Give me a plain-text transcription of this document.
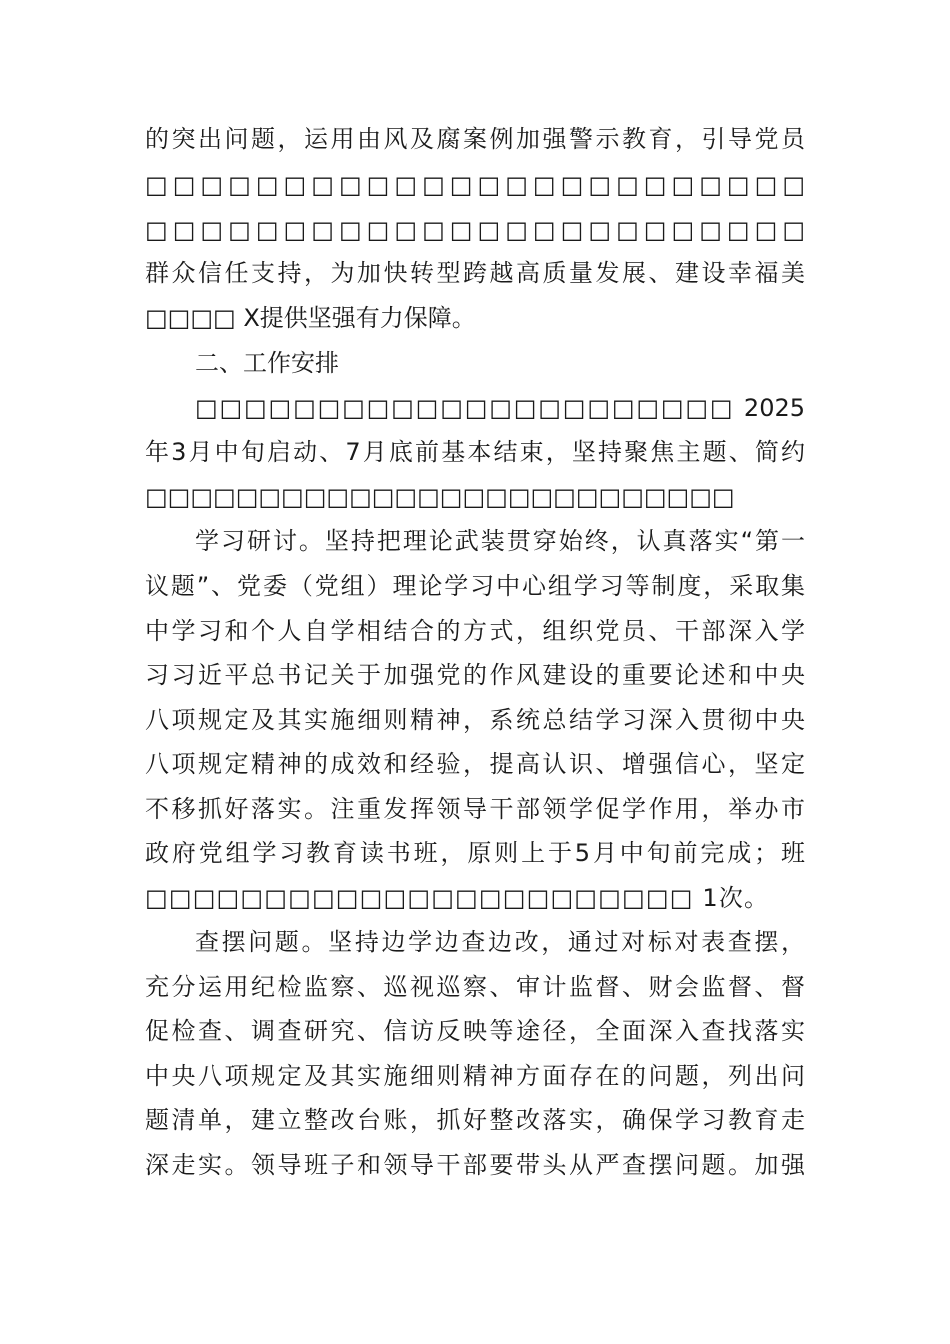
的突出问题，运用由风及腐案例加强警示教育，引导党员
□□□□□□□□□□□□□□□□□□□□□□□□
□□□□□□□□□□□□□□□□□□□□□□□□
群众信任支持，为加快转型跨越高质量发展、建设幸福美
□□□□ X提供坚强有力保障。
二、工作安排
□□□□□□□□□□□□□□□□□□□□□□ 2025
年3月中旬启动、7月底前基本结束，坚持聚焦主题、简约
□□□□□□□□□□□□□□□□□□□□□□□□□□
学习研讨。坚持把理论武装贯穿始终，认真落实“第一
议题”、党委（党组）理论学习中心组学习等制度，采取集
中学习和个人自学相结合的方式，组织党员、干部深入学
习习近平总书记关于加强党的作风建设的重要论述和中央
八项规定及其实施细则精神，系统总结学习深入贯彻中央
八项规定精神的成效和经验，提高认识、增强信心，坚定
不移抓好落实。注重发挥领导干部领学促学作用，举办市
政府党组学习教育读书班，原则上于5月中旬前完成；班
□□□□□□□□□□□□□□□□□□□□□□□ 1次。
查摆问题。坚持边学边查边改，通过对标对表查摆，
充分运用纪检监察、巡视巡察、审计监督、财会监督、督
促检查、调查研究、信访反映等途径，全面深入查找落实
中央八项规定及其实施细则精神方面存在的问题，列出问
题清单，建立整改台账，抓好整改落实，确保学习教育走
深走实。领导班子和领导干部要带头从严查摆问题。加强
